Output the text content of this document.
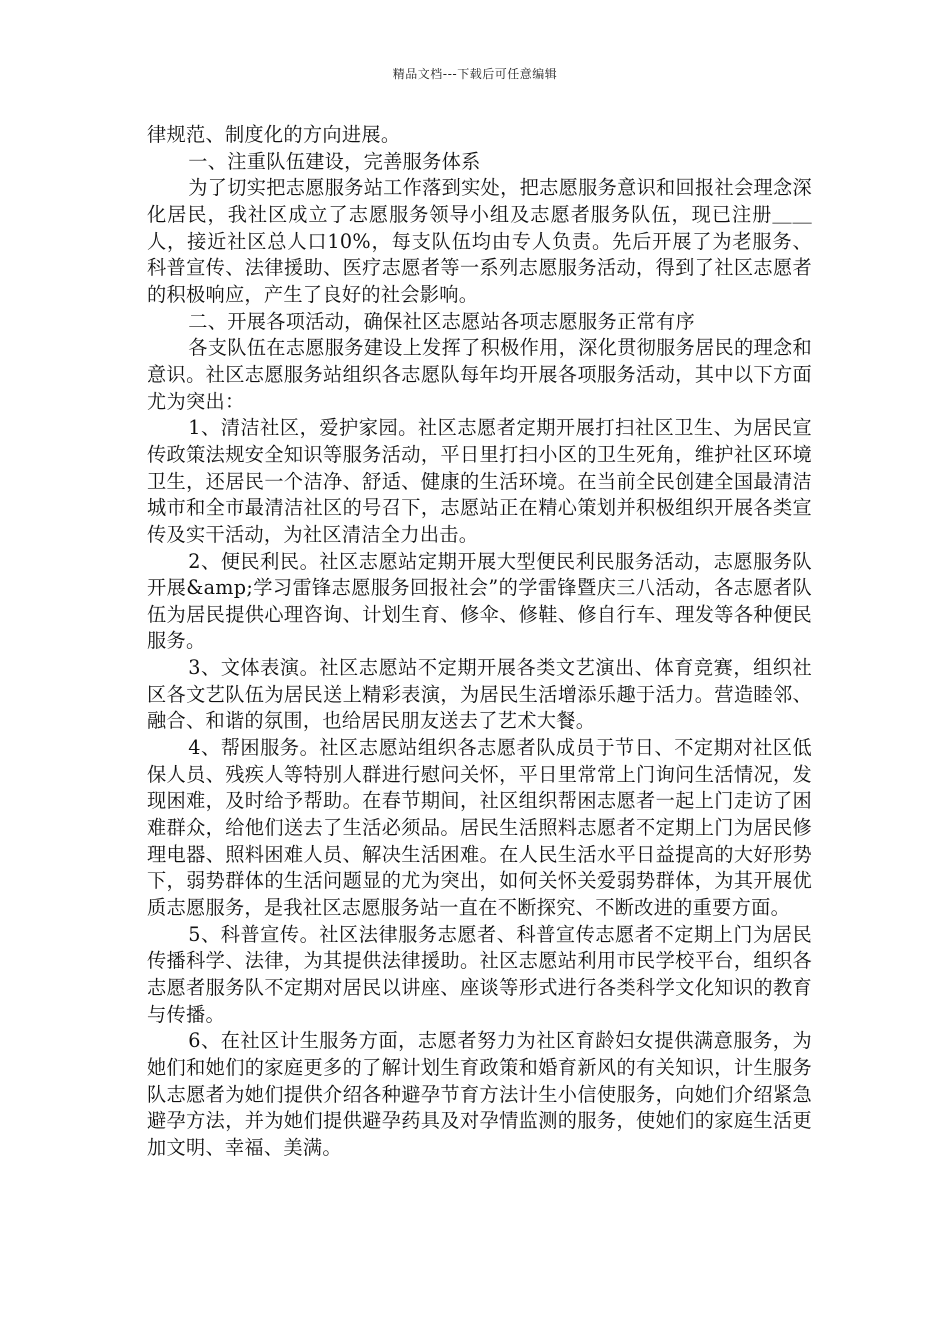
精品文档---下载后可任意编辑

律规范、制度化的方向进展。

一、注重队伍建设，完善服务体系

为了切实把志愿服务站工作落到实处，把志愿服务意识和回报社会理念深化居民，我社区成立了志愿服务领导小组及志愿者服务队伍，现已注册＿＿人，接近社区总人口10%，每支队伍均由专人负责。先后开展了为老服务、科普宣传、法律援助、医疗志愿者等一系列志愿服务活动，得到了社区志愿者的积极响应，产生了良好的社会影响。

二、开展各项活动，确保社区志愿站各项志愿服务正常有序

各支队伍在志愿服务建设上发挥了积极作用，深化贯彻服务居民的理念和意识。社区志愿服务站组织各志愿队每年均开展各项服务活动，其中以下方面尤为突出：

1、清洁社区，爱护家园。社区志愿者定期开展打扫社区卫生、为居民宣传政策法规安全知识等服务活动，平日里打扫小区的卫生死角，维护社区环境卫生，还居民一个洁净、舒适、健康的生活环境。在当前全民创建全国最清洁城市和全市最清洁社区的号召下，志愿站正在精心策划并积极组织开展各类宣传及实干活动，为社区清洁全力出击。

2、便民利民。社区志愿站定期开展大型便民利民服务活动，志愿服务队开展&amp;学习雷锋志愿服务回报社会”的学雷锋暨庆三八活动，各志愿者队伍为居民提供心理咨询、计划生育、修伞、修鞋、修自行车、理发等各种便民服务。

3、文体表演。社区志愿站不定期开展各类文艺演出、体育竞赛，组织社区各文艺队伍为居民送上精彩表演，为居民生活增添乐趣于活力。营造睦邻、融合、和谐的氛围，也给居民朋友送去了艺术大餐。

4、帮困服务。社区志愿站组织各志愿者队成员于节日、不定期对社区低保人员、残疾人等特别人群进行慰问关怀，平日里常常上门询问生活情况，发现困难，及时给予帮助。在春节期间，社区组织帮困志愿者一起上门走访了困难群众，给他们送去了生活必须品。居民生活照料志愿者不定期上门为居民修理电器、照料困难人员、解决生活困难。在人民生活水平日益提高的大好形势下，弱势群体的生活问题显的尤为突出，如何关怀关爱弱势群体，为其开展优质志愿服务，是我社区志愿服务站一直在不断探究、不断改进的重要方面。

5、科普宣传。社区法律服务志愿者、科普宣传志愿者不定期上门为居民传播科学、法律，为其提供法律援助。社区志愿站利用市民学校平台，组织各志愿者服务队不定期对居民以讲座、座谈等形式进行各类科学文化知识的教育与传播。

6、在社区计生服务方面，志愿者努力为社区育龄妇女提供满意服务，为她们和她们的家庭更多的了解计划生育政策和婚育新风的有关知识，计生服务队志愿者为她们提供介绍各种避孕节育方法计生小信使服务，向她们介绍紧急避孕方法，并为她们提供避孕药具及对孕情监测的服务，使她们的家庭生活更加文明、幸福、美满。
